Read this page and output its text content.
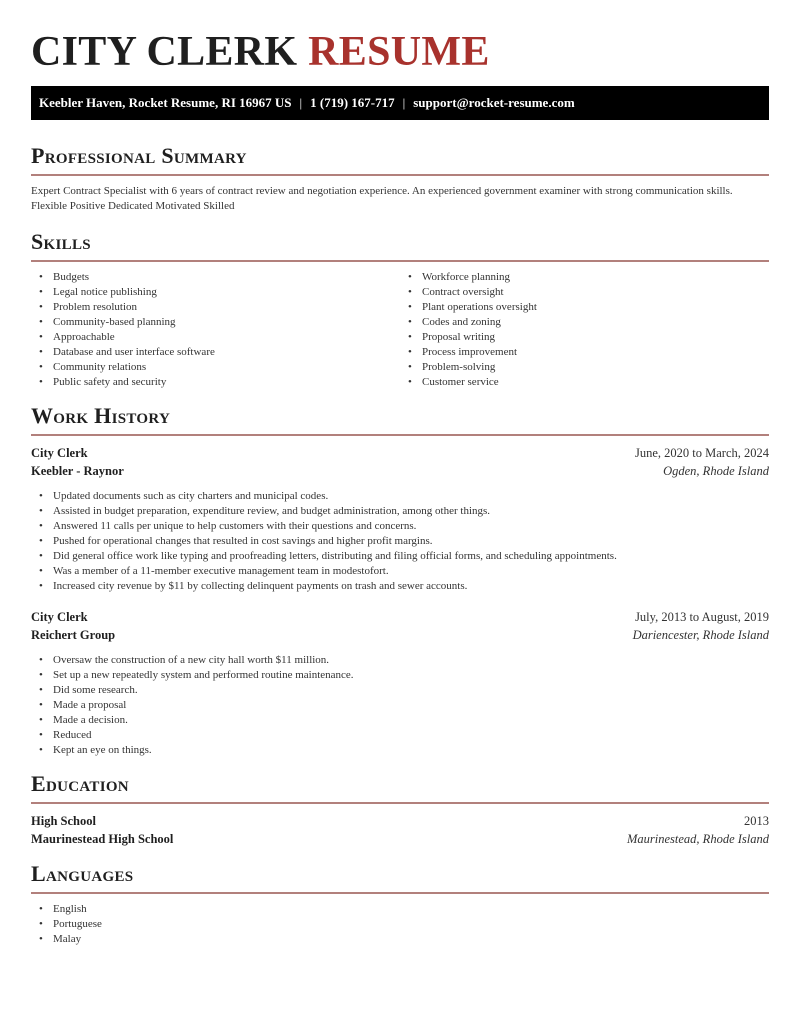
CITY CLERK RESUME
Keebler Haven, Rocket Resume, RI 16967 US | 1 (719) 167-717 | support@rocket-resume.com
Professional Summary

Expert Contract Specialist with 6 years of contract review and negotiation experience. An experienced government examiner with strong communication skills. Flexible Positive Dedicated Motivated Skilled

Skills
• Budgets
• Legal notice publishing
• Problem resolution
• Community-based planning
• Approachable
• Database and user interface software
• Community relations
• Public safety and security
• Workforce planning
• Contract oversight
• Plant operations oversight
• Codes and zoning
• Proposal writing
• Process improvement
• Problem-solving
• Customer service
Work History
City Clerk	June, 2020 to March, 2024
Keebler - Raynor	Ogden, Rhode Island
• Updated documents such as city charters and municipal codes.
• Assisted in budget preparation, expenditure review, and budget administration, among other things.
• Answered 11 calls per unique to help customers with their questions and concerns.
• Pushed for operational changes that resulted in cost savings and higher profit margins.
• Did general office work like typing and proofreading letters, distributing and filing official forms, and scheduling appointments.
• Was a member of a 11-member executive management team in modestofort.
• Increased city revenue by $11 by collecting delinquent payments on trash and sewer accounts.
City Clerk	July, 2013 to August, 2019
Reichert Group	Dariencester, Rhode Island
• Oversaw the construction of a new city hall worth $11 million.
• Set up a new repeatedly system and performed routine maintenance.
• Did some research.
• Made a proposal
• Made a decision.
• Reduced
• Kept an eye on things.
Education
High School	2013
Maurinestead High School	Maurinestead, Rhode Island
Languages
• English
• Portuguese
• Malay
